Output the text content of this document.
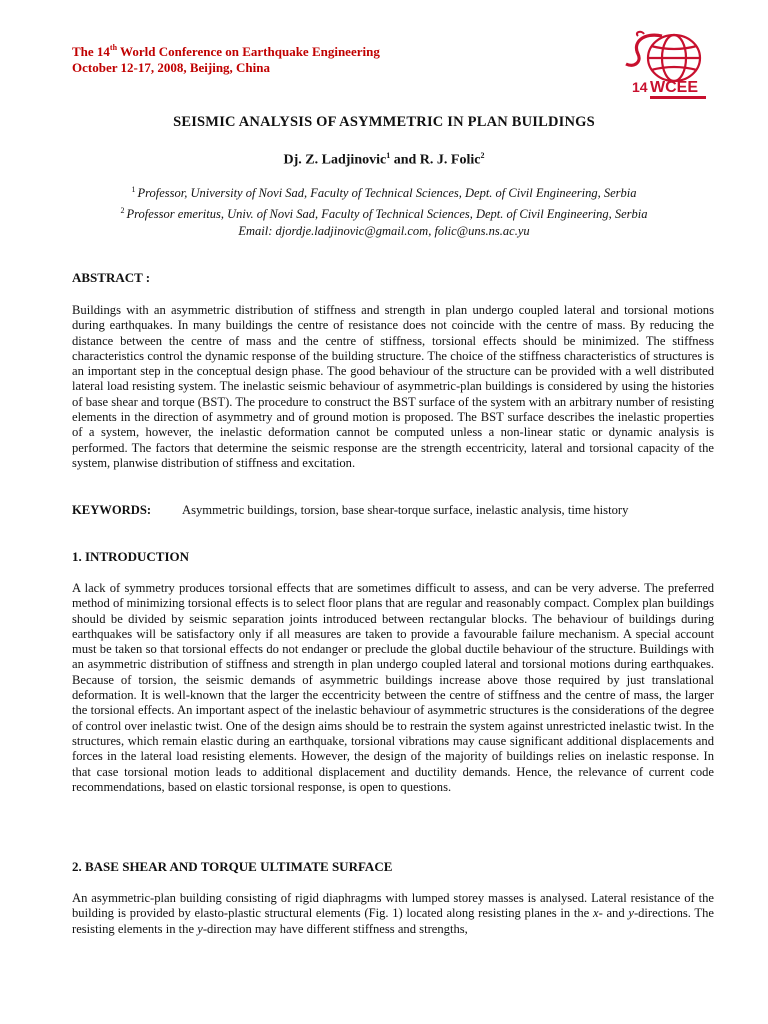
The 14th World Conference on Earthquake Engineering
October 12-17, 2008, Beijing, China
14 WCEE
SEISMIC ANALYSIS OF ASYMMETRIC IN PLAN BUILDINGS
Dj. Z. Ladjinovic$^1$ and R. J. Folic$^2$
$^1$ Professor, University of Novi Sad, Faculty of Technical Sciences, Dept. of Civil Engineering, Serbia
$^2$ Professor emeritus, Univ. of Novi Sad, Faculty of Technical Sciences, Dept. of Civil Engineering, Serbia
Email: djordje.ladjinovic@gmail.com, folic@uns.ns.ac.yu
ABSTRACT :
Buildings with an asymmetric distribution of stiffness and strength in plan undergo coupled lateral and torsional motions during earthquakes. In many buildings the centre of resistance does not coincide with the centre of mass. By reducing the distance between the centre of mass and the centre of stiffness, torsional effects should be minimized. The stiffness characteristics control the dynamic response of the building structure. The choice of the stiffness characteristics of structures is an important step in the conceptual design phase. The good behaviour of the structure can be provided with a well distributed lateral load resisting system. The inelastic seismic behaviour of asymmetric-plan buildings is considered by using the histories of base shear and torque (BST). The procedure to construct the BST surface of the system with an arbitrary number of resisting elements in the direction of asymmetry and of ground motion is proposed. The BST surface describes the inelastic properties of a system, however, the inelastic deformation cannot be computed unless a non-linear static or dynamic analysis is performed. The factors that determine the seismic response are the strength eccentricity, lateral and torsional capacity of the system, planwise distribution of stiffness and excitation.
KEYWORDS: Asymmetric buildings, torsion, base shear-torque surface, inelastic analysis, time history
1. INTRODUCTION
A lack of symmetry produces torsional effects that are sometimes difficult to assess, and can be very adverse. The preferred method of minimizing torsional effects is to select floor plans that are regular and reasonably compact. Complex plan buildings should be divided by seismic separation joints introduced between rectangular blocks. The behaviour of buildings during earthquakes will be satisfactory only if all measures are taken to provide a favourable failure mechanism. A special account must be taken so that torsional effects do not endanger or preclude the global ductile behaviour of the structure. Buildings with an asymmetric distribution of stiffness and strength in plan undergo coupled lateral and torsional motions during earthquakes. Because of torsion, the seismic demands of asymmetric buildings increase above those required by just translational deformation. It is well-known that the larger the eccentricity between the centre of stiffness and the centre of mass, the larger the torsional effects. An important aspect of the inelastic behaviour of asymmetric structures is the considerations of the degree of control over inelastic twist. One of the design aims should be to restrain the system against unrestricted inelastic twist. In the structures, which remain elastic during an earthquake, torsional vibrations may cause significant additional displacements and forces in the lateral load resisting elements. However, the design of the majority of buildings relies on inelastic response. In that case torsional motion leads to additional displacement and ductility demands. Hence, the relevance of current code recommendations, based on elastic torsional response, is open to questions.
2. BASE SHEAR AND TORQUE ULTIMATE SURFACE
An asymmetric-plan building consisting of rigid diaphragms with lumped storey masses is analysed. Lateral resistance of the building is provided by elasto-plastic structural elements (Fig. 1) located along resisting planes in the x- and y-directions. The resisting elements in the y-direction may have different stiffness and strengths,
